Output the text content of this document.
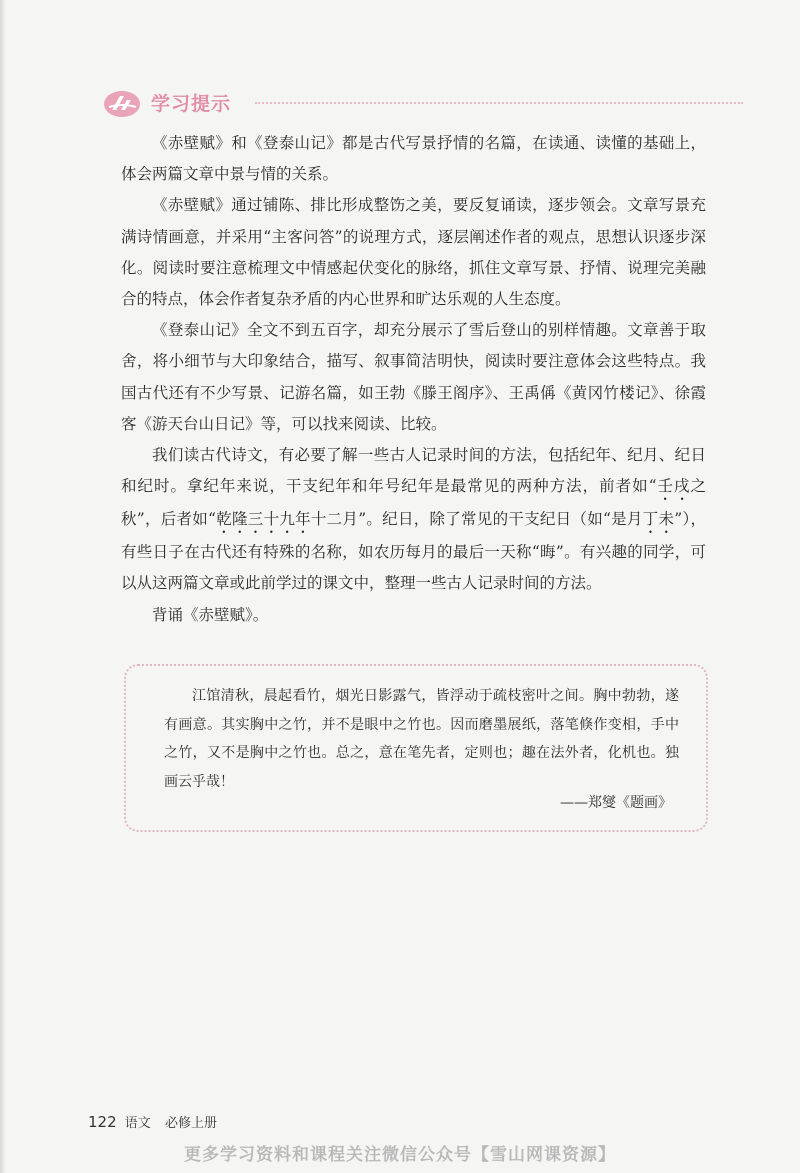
学习提示

《赤壁赋》和《登泰山记》都是古代写景抒情的名篇，在读通、读懂的基础上，体会两篇文章中景与情的关系。

《赤壁赋》通过铺陈、排比形成整饬之美，要反复诵读，逐步领会。文章写景充满诗情画意，并采用“主客问答”的说理方式，逐层阐述作者的观点，思想认识逐步深化。阅读时要注意梳理文中情感起伏变化的脉络，抓住文章写景、抒情、说理完美融合的特点，体会作者复杂矛盾的内心世界和旷达乐观的人生态度。

《登泰山记》全文不到五百字，却充分展示了雪后登山的别样情趣。文章善于取舍，将小细节与大印象结合，描写、叙事简洁明快，阅读时要注意体会这些特点。我国古代还有不少写景、记游名篇，如王勃《滕王阁序》、王禹偁《黄冈竹楼记》、徐霞客《游天台山日记》等，可以找来阅读、比较。

我们读古代诗文，有必要了解一些古人记录时间的方法，包括纪年、纪月、纪日和纪时。拿纪年来说，干支纪年和年号纪年是最常见的两种方法，前者如“壬戌之秋”，后者如“乾隆三十九年十二月”。纪日，除了常见的干支纪日（如“是月丁未”），有些日子在古代还有特殊的名称，如农历每月的最后一天称“晦”。有兴趣的同学，可以从这两篇文章或此前学过的课文中，整理一些古人记录时间的方法。

背诵《赤壁赋》。

江馆清秋，晨起看竹，烟光日影露气，皆浮动于疏枝密叶之间。胸中勃勃，遂有画意。其实胸中之竹，并不是眼中之竹也。因而磨墨展纸，落笔倏作变相，手中之竹，又不是胸中之竹也。总之，意在笔先者，定则也；趣在法外者，化机也。独画云乎哉！

——郑燮《题画》
122 语文 必修上册
更多学习资料和课程关注微信公众号【雪山网课资源】
